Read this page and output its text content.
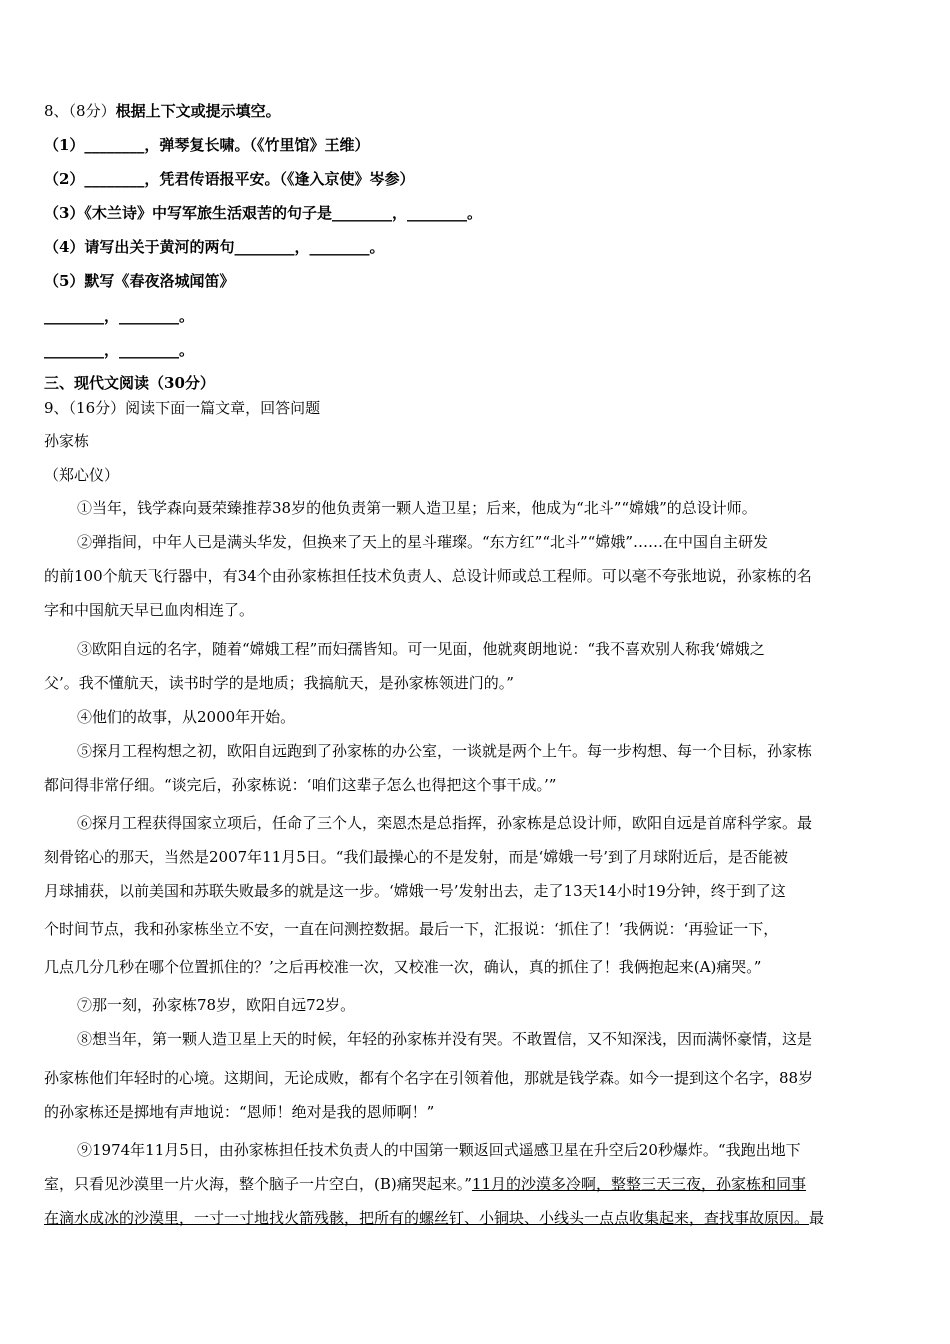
8、（8分）根据上下文或提示填空。
（1）________，弹琴复长啸。（《竹里馆》王维）
（2）________，凭君传语报平安。（《逢入京使》岑参）
（3）《木兰诗》中写军旅生活艰苦的句子是________，________。
（4）请写出关于黄河的两句________，________。
（5）默写《春夜洛城闻笛》
________，________。
________，________。
三、现代文阅读（30分）
9、（16分）阅读下面一篇文章，回答问题
孙家栋
（郑心仪）
①当年，钱学森向聂荣臻推荐38岁的他负责第一颗人造卫星；后来，他成为“北斗”“嫦娥”的总设计师。
②弹指间，中年人已是满头华发，但换来了天上的星斗璀璨。“东方红”“北斗”“嫦娥”……在中国自主研发
的前100个航天飞行器中，有34个由孙家栋担任技术负责人、总设计师或总工程师。可以毫不夸张地说，孙家栋的名
字和中国航天早已血肉相连了。
③欧阳自远的名字，随着“嫦娥工程”而妇孺皆知。可一见面，他就爽朗地说：“我不喜欢别人称我‘嫦娥之
父’。我不懂航天，读书时学的是地质；我搞航天，是孙家栋领进门的。”
④他们的故事，从2000年开始。
⑤探月工程构想之初，欧阳自远跑到了孙家栋的办公室，一谈就是两个上午。每一步构想、每一个目标，孙家栋
都问得非常仔细。“谈完后，孙家栋说：‘咱们这辈子怎么也得把这个事干成。’”
⑥探月工程获得国家立项后，任命了三个人，栾恩杰是总指挥，孙家栋是总设计师，欧阳自远是首席科学家。最
刻骨铭心的那天，当然是2007年11月5日。“我们最操心的不是发射，而是‘嫦娥一号’到了月球附近后，是否能被
月球捕获，以前美国和苏联失败最多的就是这一步。‘嫦娥一号’发射出去，走了13天14小时19分钟，终于到了这
个时间节点，我和孙家栋坐立不安，一直在问测控数据。最后一下，汇报说：‘抓住了！’我俩说：‘再验证一下，
几点几分几秒在哪个位置抓住的？’之后再校准一次，又校准一次，确认，真的抓住了！我俩抱起来(A)痛哭。”
⑦那一刻，孙家栋78岁，欧阳自远72岁。
⑧想当年，第一颗人造卫星上天的时候，年轻的孙家栋并没有哭。不敢置信，又不知深浅，因而满怀豪情，这是
孙家栋他们年轻时的心境。这期间，无论成败，都有个名字在引领着他，那就是钱学森。如今一提到这个名字，88岁
的孙家栋还是掷地有声地说：“恩师！绝对是我的恩师啊！”
⑨1974年11月5日，由孙家栋担任技术负责人的中国第一颗返回式遥感卫星在升空后20秒爆炸。“我跑出地下
室，只看见沙漠里一片火海，整个脑子一片空白，(B)痛哭起来。”11月的沙漠多冷啊，整整三天三夜，孙家栋和同事
在滴水成冰的沙漠里，一寸一寸地找火箭残骸，把所有的螺丝钉、小铜块、小线头一点点收集起来，查找事故原因。最
